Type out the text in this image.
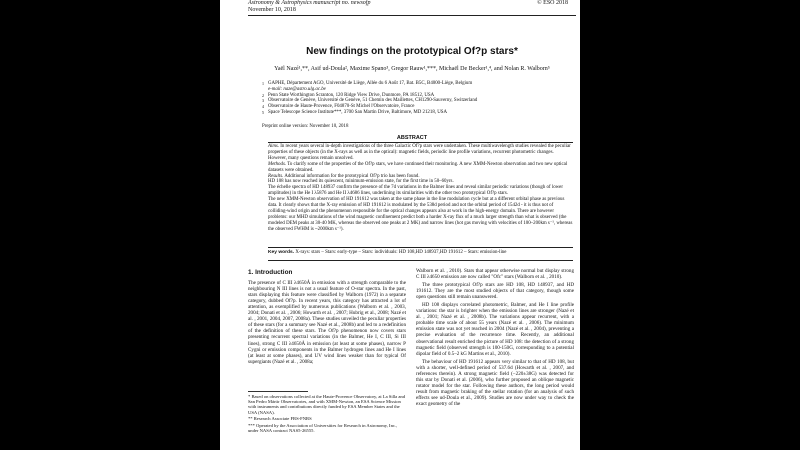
Astronomy & Astrophysics manuscript no. newsofp
November 10, 2018
© ESO 2018
New findings on the prototypical Of?p stars*
Yaël Nazé¹,**, Asif ud-Doula², Maxime Spano³, Gregor Rauw¹,***, Michaël De Becker¹,⁴, and Nolan R. Walborn⁵
1 GAPHE, Département AGO, Université de Liège, Allée du 6 Août 17, Bat. B5C, B4000-Liège, Belgium
e-mail: naze@astro.ulg.ac.be
2 Penn State Worthington Scranton, 120 Ridge View Drive, Dunmore, PA 18512, USA
3 Observatoire de Genève, Université de Genève, 51 Chemin des Maillettes, CH1290-Sauverny, Switzerland
4 Observatoire de Haute-Provence, F04870-St Michel l'Observatoire, France
5 Space Telescope Science Institute***, 3700 San Martin Drive, Baltimore, MD 21218, USA
Preprint online version: November 10, 2018
ABSTRACT

Aims. In recent years several in-depth investigations of the three Galactic Of?p stars were undertaken. These multiwavelength studies revealed the peculiar properties of these objects (in the X-rays as well as in the optical): magnetic fields, periodic line profile variations, recurrent photometric changes. However, many questions remain unsolved.

Methods. To clarify some of the properties of the Of?p stars, we have continued their monitoring. A new XMM-Newton observation and two new optical datasets were obtained.

Results. Additional information for the prototypical Of?p trio has been found.

HD 108 has now reached its quiescent, minimum-emission state, for the first time in 50–60yrs.

The échelle spectra of HD 148937 confirm the presence of the 7d variations in the Balmer lines and reveal similar periodic variations (though of lower amplitudes) in the He I λ5876 and He II λ4686 lines, underlining its similarities with the other two prototypical Of?p stars.

The new XMM-Newton observation of HD 191612 was taken at the same phase in the line modulation cycle but at a different orbital phase as previous data. It clearly shows that the X-ray emission of HD 191612 is modulated by the 538d period and not the orbital period of 1542d - it is thus not of colliding-wind origin and the phenomenon responsible for the optical changes appears also at work in the high-energy domain. There are however problems: our MHD simulations of the wind magnetic confinement predict both a harder X-ray flux of a much larger strength than what is observed (the modeled DEM peaks at 30-40 MK, whereas the observed one peaks at 2 MK) and narrow lines (hot gas moving with velocities of 100–200km s⁻¹, whereas the observed FWHM is ~2000km s⁻¹).

Key words. X-rays: stars – Stars: early-type – Stars: individuals: HD 108,HD 148937,HD 191612 – Stars: emission-line
1. Introduction

The presence of C III λ4650Å in emission with a strength comparable to the neighbouring N III lines is not a usual feature of O-star spectra. In the past, stars displaying this feature were classified by Walborn (1972) in a separate category, dubbed Of?p. In recent years, this category has attracted a lot of attention, as exemplified by numerous publications (Walborn et al. , 2003, 2004; Donati et al. , 2006; Howarth et al. , 2007; Hubrig et al., 2008; Nazé et al. , 2001, 2004, 2007, 2008a). These studies unveiled the peculiar properties of these stars (for a summary see Nazé et al., 2008b) and led to a redefinition of the definition of these stars. The Of?p phenomenon now covers stars presenting recurrent spectral variations (in the Balmer, He I, C III, Si III lines), strong C III λ4650Å in emission (at least at some phases), narrow P Cygni or emission components in the Balmer hydrogen lines and He I lines (at least at some phases), and UV wind lines weaker than for typical Of supergiants (Nazé et al. , 2008a;

* Based on observations collected at the Haute-Provence Observatory, at La Silla and San Pedro Mártir Observatories, and with XMM-Newton, an ESA Science Mission with instruments and contributions directly funded by ESA Member States and the USA (NASA).

** Research Associate FRS-FNRS

*** Operated by the Association of Universities for Research in Astronomy, Inc., under NASA contract NAS5-26555.

Walborn et al. , 2010). Stars that appear otherwise normal but display strong C III λ4650 emission are now called "Ofc" stars (Walborn et al. , 2010).

The three prototypical Of?p stars are HD 108, HD 148937, and HD 191612. They are the most studied objects of that category, though some open questions still remain unanswered.

HD 108 displays correlated photometric, Balmer, and He I line profile variations: the star is brighter when the emission lines are stronger (Nazé et al. , 2001; Nazé et al. , 2008b). The variations appear recurrent, with a probable time scale of about 55 years (Nazé et al. , 2006). The minimum emission state was not yet reached in 2004 (Nazé et al. , 2004), preventing a precise evaluation of the recurrence time. Recently, an additional observational result enriched the picture of HD 108: the detection of a strong magnetic field (observed strength is 100-150G, corresponding to a potential dipolar field of 0.5–2 kG Martins et al., 2010).

The behaviour of HD 191612 appears very similar to that of HD 108, but with a shorter, well-defined period of 537.6d (Howarth et al. , 2007, and references therein). A strong magnetic field (−220±38G) was detected for this star by Donati et al. (2006), who further proposed an oblique magnetic rotator model for the star. Following these authors, the long period would result from magnetic braking of the stellar rotation (for an analysis of such effects see ud-Doula et al., 2009). Studies are now under way to check the exact geometry of the
